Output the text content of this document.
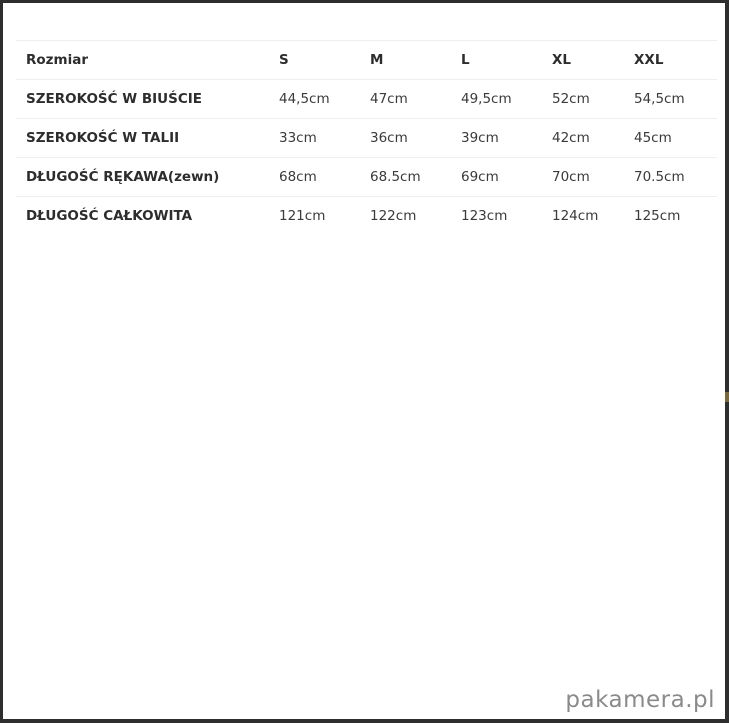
Rozmiar	S	M	L	XL	XXL
SZEROKOŚĆ W BIUŚCIE	44,5cm	47cm	49,5cm	52cm	54,5cm
SZEROKOŚĆ W TALII	33cm	36cm	39cm	42cm	45cm
DŁUGOŚĆ RĘKAWA(zewn)	68cm	68.5cm	69cm	70cm	70.5cm
DŁUGOŚĆ CAŁKOWITA	121cm	122cm	123cm	124cm	125cm
pakamera.pl
